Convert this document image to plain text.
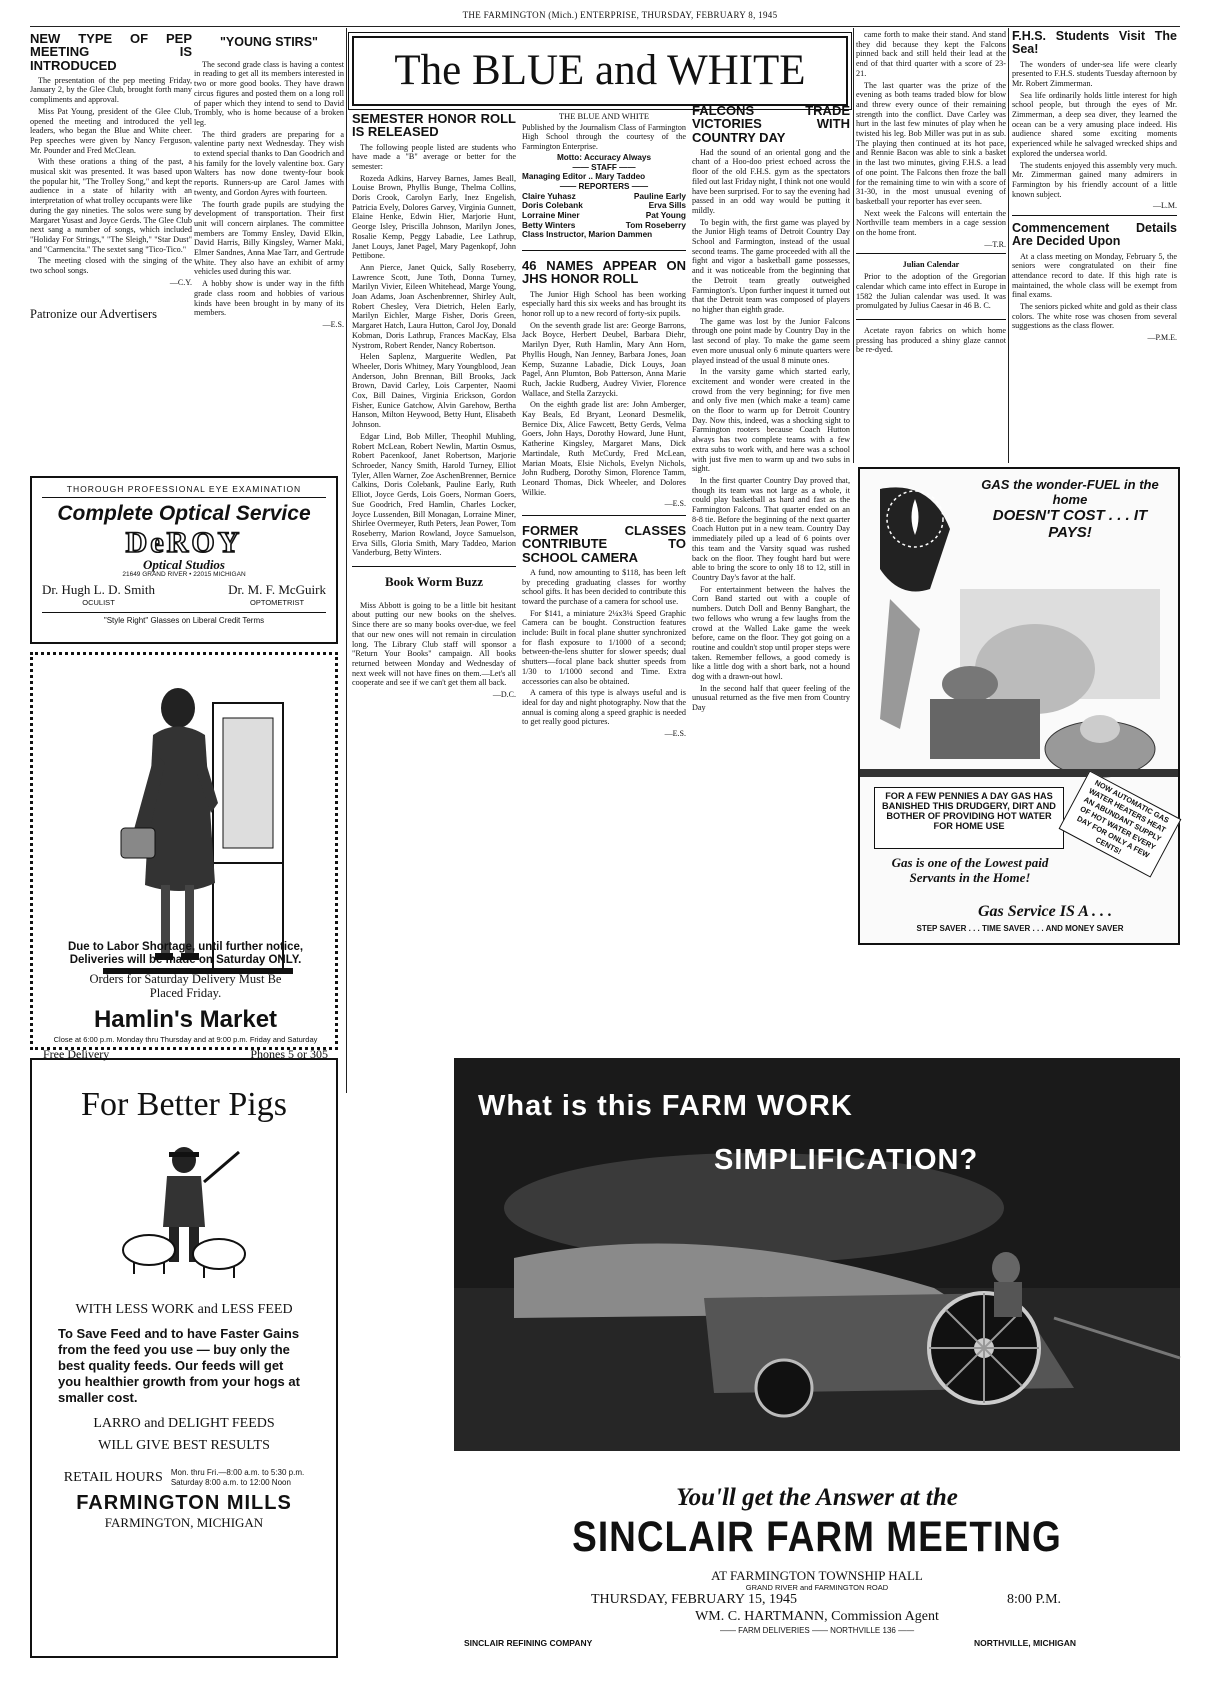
THE FARMINGTON (Mich.) ENTERPRISE, THURSDAY, FEBRUARY 8, 1945
NEW TYPE OF PEP MEETING IS INTRODUCED

The presentation of the pep meeting Friday, January 2, by the Glee Club, brought forth many compliments and approval.

Miss Pat Young, president of the Glee Club, opened the meeting and introduced the yell leaders, who began the Blue and White cheer. Pep speeches were given by Nancy Ferguson, Mr. Pounder and Fred McClean.

With these orations a thing of the past, a musical skit was presented. It was based upon the popular hit, "The Trolley Song," and kept the audience in a state of hilarity with an interpretation of what trolley occupants were like during the gay nineties. The solos were sung by Margaret Yusast and Joyce Gerds. The Glee Club next sang a number of songs, which included "Holiday For Strings," "The Sleigh," "Star Dust" and "Carmencita." The sextet sang "Tico-Tico."

The meeting closed with the singing of the two school songs.

—C.Y.
Patronize our Advertisers
"YOUNG STIRS"

The second grade class is having a contest in reading to get all its members interested in two or more good books. They have drawn circus figures and posted them on a long roll of paper which they intend to send to David Trombly, who is home because of a broken leg.

The third graders are preparing for a valentine party next Wednesday. They wish to extend special thanks to Dan Goodrich and his family for the lovely valentine box. Gary Walters has now done twenty-four book reports. Runners-up are Carol James with twenty, and Gordon Ayres with fourteen.

The fourth grade pupils are studying the development of transportation. Their first unit will concern airplanes. The committee members are Tommy Ensley, David Elkin, David Harris, Billy Kingsley, Warner Maki, Elmer Sandnes, Anna Mae Tarr, and Gertrude White. They also have an exhibit of army vehicles used during this war.

A hobby show is under way in the fifth grade class room and hobbies of various kinds have been brought in by many of its members.

—E.S.
THOROUGH PROFESSIONAL EYE EXAMINATION
Complete Optical Service
DeROY
Optical Studios
21649 GRAND RIVER • 22015 MICHIGAN
Dr. Hugh L. D. Smith
OCULIST
Dr. M. F. McGuirk
OPTOMETRIST
"Style Right" Glasses on Liberal Credit Terms
Due to Labor Shortage, until further notice, Deliveries will be made on Saturday ONLY.
Orders for Saturday Delivery Must Be Placed Friday.
Hamlin's Market
Close at 6:00 p.m. Monday thru Thursday and at 9:00 p.m. Friday and Saturday
Free Delivery	Phones 5 or 305
For Better Pigs
WITH LESS WORK and LESS FEED
To Save Feed and to have Faster Gains from the feed you use — buy only the best quality feeds. Our feeds will get you healthier growth from your hogs at smaller cost.
LARRO and DELIGHT FEEDS
WILL GIVE BEST RESULTS
RETAIL HOURS Mon. thru Fri.—8:00 a.m. to 5:30 p.m.
Saturday 8:00 a.m. to 12:00 Noon
FARMINGTON MILLS
FARMINGTON, MICHIGAN
The BLUE and WHITE
SEMESTER HONOR ROLL IS RELEASED

The following people listed are students who have made a "B" average or better for the semester:

Rozeda Adkins, Harvey Barnes, James Beall, Louise Brown, Phyllis Bunge, Thelma Collins, Doris Crook, Carolyn Early, Inez Engelish, Patricia Evely, Dolores Garvey, Virginia Gunnett, Elaine Henke, Edwin Hier, Marjorie Hunt, George Isley, Priscilla Johnson, Marilyn Jones, Rosalie Kemp, Peggy Labadie, Lee Lathrup, Janet Louys, Janet Pagel, Mary Pagenkopf, John Pettibone.

Ann Pierce, Janet Quick, Sally Roseberry, Lawrence Scott, June Toth, Donna Turney, Marilyn Vivier, Eileen Whitehead, Marge Young, Joan Adams, Joan Aschenbrenner, Shirley Ault, Robert Chesley, Vera Dietrich, Helen Early, Marilyn Eichler, Marge Fisher, Doris Green, Margaret Hatch, Laura Hutton, Carol Joy, Donald Kobman, Doris Lathrup, Frances MacKay, Elsa Nystrom, Robert Render, Nancy Robertson.

Helen Saplenz, Marguerite Wedlen, Pat Wheeler, Doris Whitney, Mary Youngblood, Jean Anderson, John Brennan, Bill Brooks, Jack Brown, David Carley, Lois Carpenter, Naomi Cox, Bill Daines, Virginia Erickson, Gordon Fisher, Eunice Gatchow, Alvin Garehow, Bertha Hanson, Milton Heywood, Betty Hunt, Elisabeth Johnson.

Edgar Lind, Bob Miller, Theophil Muhling, Robert McLean, Robert Newlin, Martin Osmus, Robert Pacenkoof, Janet Robertson, Marjorie Schroeder, Nancy Smith, Harold Turney, Elliot Tyler, Allen Warner, Zoe AschenBrenner, Bernice Calkins, Doris Colebank, Pauline Early, Ruth Elliot, Joyce Gerds, Lois Goers, Norman Goers, Sue Goodrich, Fred Hamlin, Charles Locker, Joyce Lussenden, Bill Monagan, Lorraine Miner, Shirlee Overmeyer, Ruth Peters, Jean Power, Tom Roseberry, Marion Rowland, Joyce Samuelson, Erva Sills, Gloria Smith, Mary Taddeo, Marion Vanderburg, Betty Winters.

Book Worm Buzz

Miss Abbott is going to be a little bit hesitant about putting our new books on the shelves. Since there are so many books over-due, we feel that our new ones will not remain in circulation long. The Library Club staff will sponsor a "Return Your Books" campaign. All books returned between Monday and Wednesday of next week will not have fines on them.—Let's all cooperate and see if we can't get them all back.

—D.C.
THE BLUE AND WHITE
Published by the Journalism Class of Farmington High School through the courtesy of the Farmington Enterprise.
Motto: Accuracy Always
—— STAFF ——
Managing Editor .. Mary Taddeo
—— REPORTERS ——
Claire Yuhasz	Pauline Early
Doris Colebank	Erva Sills
Lorraine Miner	Pat Young
Betty Winters	Tom Roseberry
Class Instructor, Marion Dammen
46 NAMES APPEAR ON JHS HONOR ROLL

The Junior High School has been working especially hard this six weeks and has brought its honor roll up to a new record of forty-six pupils.

On the seventh grade list are: George Barrons, Jack Boyce, Herbert Deubel, Barbara Diehr, Marilyn Dyer, Ruth Hamlin, Mary Ann Horn, Phyllis Hough, Nan Jenney, Barbara Jones, Joan Kemp, Suzanne Labadie, Dick Louys, Joan Pagel, Ann Plumton, Bob Patterson, Anna Marie Ruch, Jackie Rudberg, Audrey Vivier, Florence Wallace, and Stella Zarzycki.

On the eighth grade list are: John Amberger, Kay Beals, Ed Bryant, Leonard Desmelik, Bernice Dix, Alice Fawcett, Betty Gerds, Velma Goers, John Hays, Dorothy Howard, June Hunt, Katherine Kingsley, Margaret Mans, Dick Martindale, Ruth McCurdy, Fred McLean, Marian Moats, Elsie Nichols, Evelyn Nichols, John Rudberg, Dorothy Simon, Florence Tamm, Leonard Thomas, Dick Wheeler, and Dolores Wilkie.

—E.S.
FORMER CLASSES CONTRIBUTE TO SCHOOL CAMERA

A fund, now amounting to $118, has been left by preceding graduating classes for worthy school gifts. It has been decided to contribute this toward the purchase of a camera for school use.

For $141, a miniature 2¼x3¼ Speed Graphic Camera can be bought. Construction features include: Built in focal plane shutter synchronized for flash exposure to 1/1000 of a second; between-the-lens shutter for slower speeds; dual shutters—focal plane back shutter speeds from 1/30 to 1/1000 second and Time. Extra accessories can also be obtained.

A camera of this type is always useful and is ideal for day and night photography. Now that the annual is coming along a speed graphic is needed to get really good pictures.

—E.S.
FALCONS TRADE VICTORIES WITH COUNTRY DAY

Had the sound of an oriental gong and the chant of a Hoo-doo priest echoed across the floor of the old F.H.S. gym as the spectators filed out last Friday night, I think not one would have been surprised. For to say the evening had passed in an odd way would be putting it mildly.

To begin with, the first game was played by the Junior High teams of Detroit Country Day School and Farmington, instead of the usual second teams. The game proceeded with all the fight and vigor a basketball game possesses, and it was noticeable from the beginning that the Detroit team greatly outweighed Farmington's. Upon further inquest it turned out that the Detroit team was composed of players no higher than eighth grade.

The game was lost by the Junior Falcons through one point made by Country Day in the last second of play. To make the game seem even more unusual only 6 minute quarters were played instead of the usual 8 minute ones.

In the varsity game which started early, excitement and wonder were created in the crowd from the very beginning; for five men and only five men (which make a team) came on the floor to warm up for Detroit Country Day. Now this, indeed, was a shocking sight to Farmington rooters because Coach Hutton always has two complete teams with a few extra subs to work with, and here was a school with just five men to warm up and two subs in sight.

In the first quarter Country Day proved that, though its team was not large as a whole, it could play basketball as hard and fast as the Farmington Falcons. That quarter ended on an 8-8 tie. Before the beginning of the next quarter Coach Hutton put in a new team. Country Day immediately piled up a lead of 6 points over this team and the Varsity squad was rushed back on the floor. They fought hard but were able to bring the score to only 18 to 12, still in Country Day's favor at the half.

For entertainment between the halves the Corn Band started out with a couple of numbers. Dutch Doll and Benny Banghart, the two fellows who wrung a few laughs from the crowd at the Walled Lake game the week before, came on the floor. They got going on a routine and couldn't stop until proper steps were taken. Remember fellows, a good comedy is like a little dog with a short bark, not a hound dog with a drawn-out howl.

In the second half that queer feeling of the unusual returned as the five men from Country Day

came forth to make their stand. And stand they did because they kept the Falcons pinned back and still held their lead at the end of that third quarter with a score of 23-21.

The last quarter was the prize of the evening as both teams traded blow for blow and threw every ounce of their remaining strength into the conflict. Dave Carley was hurt in the last few minutes of play when he twisted his leg. Bob Miller was put in as sub. The playing then continued at its hot pace, and Rennie Bacon was able to sink a basket in the last two minutes, giving F.H.S. a lead of one point. The Falcons then froze the ball for the remaining time to win with a score of 31-30, in the most unusual evening of basketball your reporter has ever seen.

Next week the Falcons will entertain the Northville team members in a cage session on the home front.

—T.R.
Julian Calendar

Prior to the adoption of the Gregorian calendar which came into effect in Europe in 1582 the Julian calendar was used. It was promulgated by Julius Caesar in 46 B. C.

Acetate rayon fabrics on which home pressing has produced a shiny glaze cannot be re-dyed.

F.H.S. Students Visit The Sea!

The wonders of under-sea life were clearly presented to F.H.S. students Tuesday afternoon by Mr. Robert Zimmerman.

Sea life ordinarily holds little interest for high school people, but through the eyes of Mr. Zimmerman, a deep sea diver, they learned the ocean can be a very amusing place indeed. His audience shared some exciting moments experienced while he salvaged wrecked ships and explored the undersea world.

The students enjoyed this assembly very much. Mr. Zimmerman gained many admirers in Farmington by his friendly account of a little known subject.

—L.M.
Commencement Details Are Decided Upon

At a class meeting on Monday, February 5, the seniors were congratulated on their fine attendance record to date. If this high rate is maintained, the whole class will be exempt from final exams.

The seniors picked white and gold as their class colors. The white rose was chosen from several suggestions as the class flower.

—P.M.E.
GAS the wonder-FUEL in the home
DOESN'T COST . . . IT PAYS!
FOR A FEW PENNIES A DAY GAS HAS
BANISHED THIS DRUDGERY, DIRT AND
BOTHER OF PROVIDING HOT WATER
FOR HOME USE
Gas is one of the Lowest paid Servants in the Home!
NOW AUTOMATIC GAS WATER HEATERS HEAT AN ABUNDANT SUPPLY OF HOT WATER EVERY DAY FOR ONLY A FEW CENTS!
Gas Service IS A . . .
STEP SAVER . . . TIME SAVER . . . AND MONEY SAVER
What is this FARM WORK
SIMPLIFICATION?
You'll get the Answer at the
SINCLAIR FARM MEETING
AT FARMINGTON TOWNSHIP HALL
GRAND RIVER and FARMINGTON ROAD
THURSDAY, FEBRUARY 15, 1945	8:00 P.M.
WM. C. HARTMANN, Commission Agent
—— FARM DELIVERIES —— NORTHVILLE 136 ——
SINCLAIR REFINING COMPANY	NORTHVILLE, MICHIGAN
